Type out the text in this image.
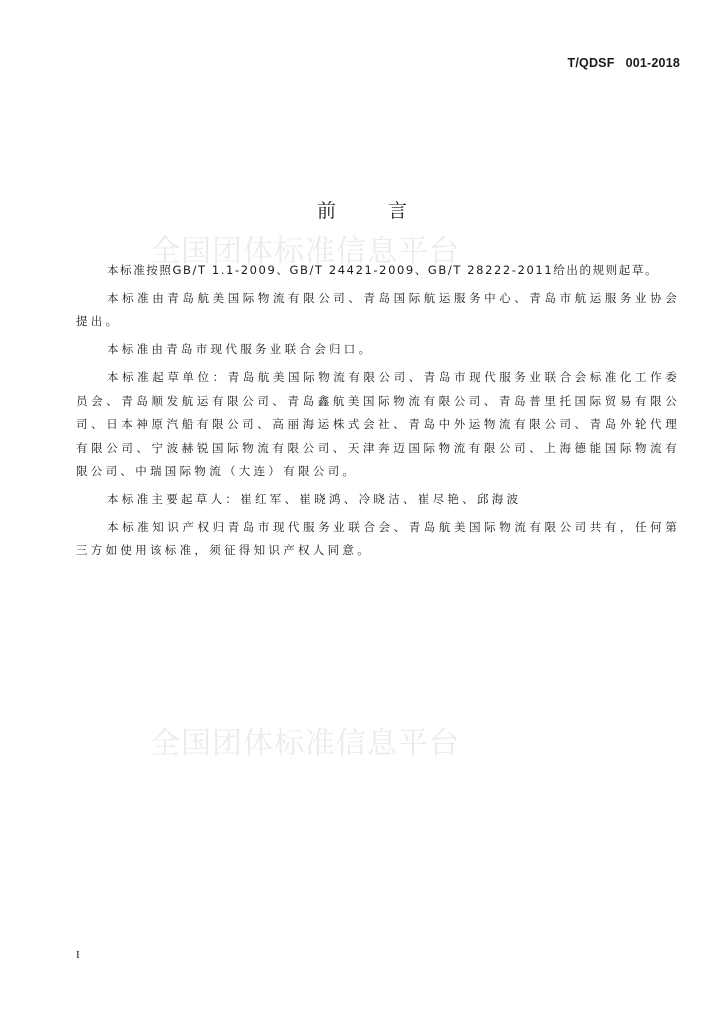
T/QDSF   001-2018
全国团体标准信息平台
全国团体标准信息平台
前言

本标准按照GB/T 1.1-2009、GB/T 24421-2009、GB/T 28222-2011给出的规则起草。

本标准由青岛航美国际物流有限公司、青岛国际航运服务中心、青岛市航运服务业协会提出。

本标准由青岛市现代服务业联合会归口。

本标准起草单位：青岛航美国际物流有限公司、青岛市现代服务业联合会标准化工作委员会、青岛顺发航运有限公司、青岛鑫航美国际物流有限公司、青岛普里托国际贸易有限公司、日本神原汽船有限公司、高丽海运株式会社、青岛中外运物流有限公司、青岛外轮代理有限公司、宁波赫锐国际物流有限公司、天津奔迈国际物流有限公司、上海德能国际物流有限公司、中瑞国际物流（大连）有限公司。

本标准主要起草人：崔红军、崔晓鸿、冷晓洁、崔尽艳、邱海波

本标准知识产权归青岛市现代服务业联合会、青岛航美国际物流有限公司共有，任何第三方如使用该标准，须征得知识产权人同意。

I
